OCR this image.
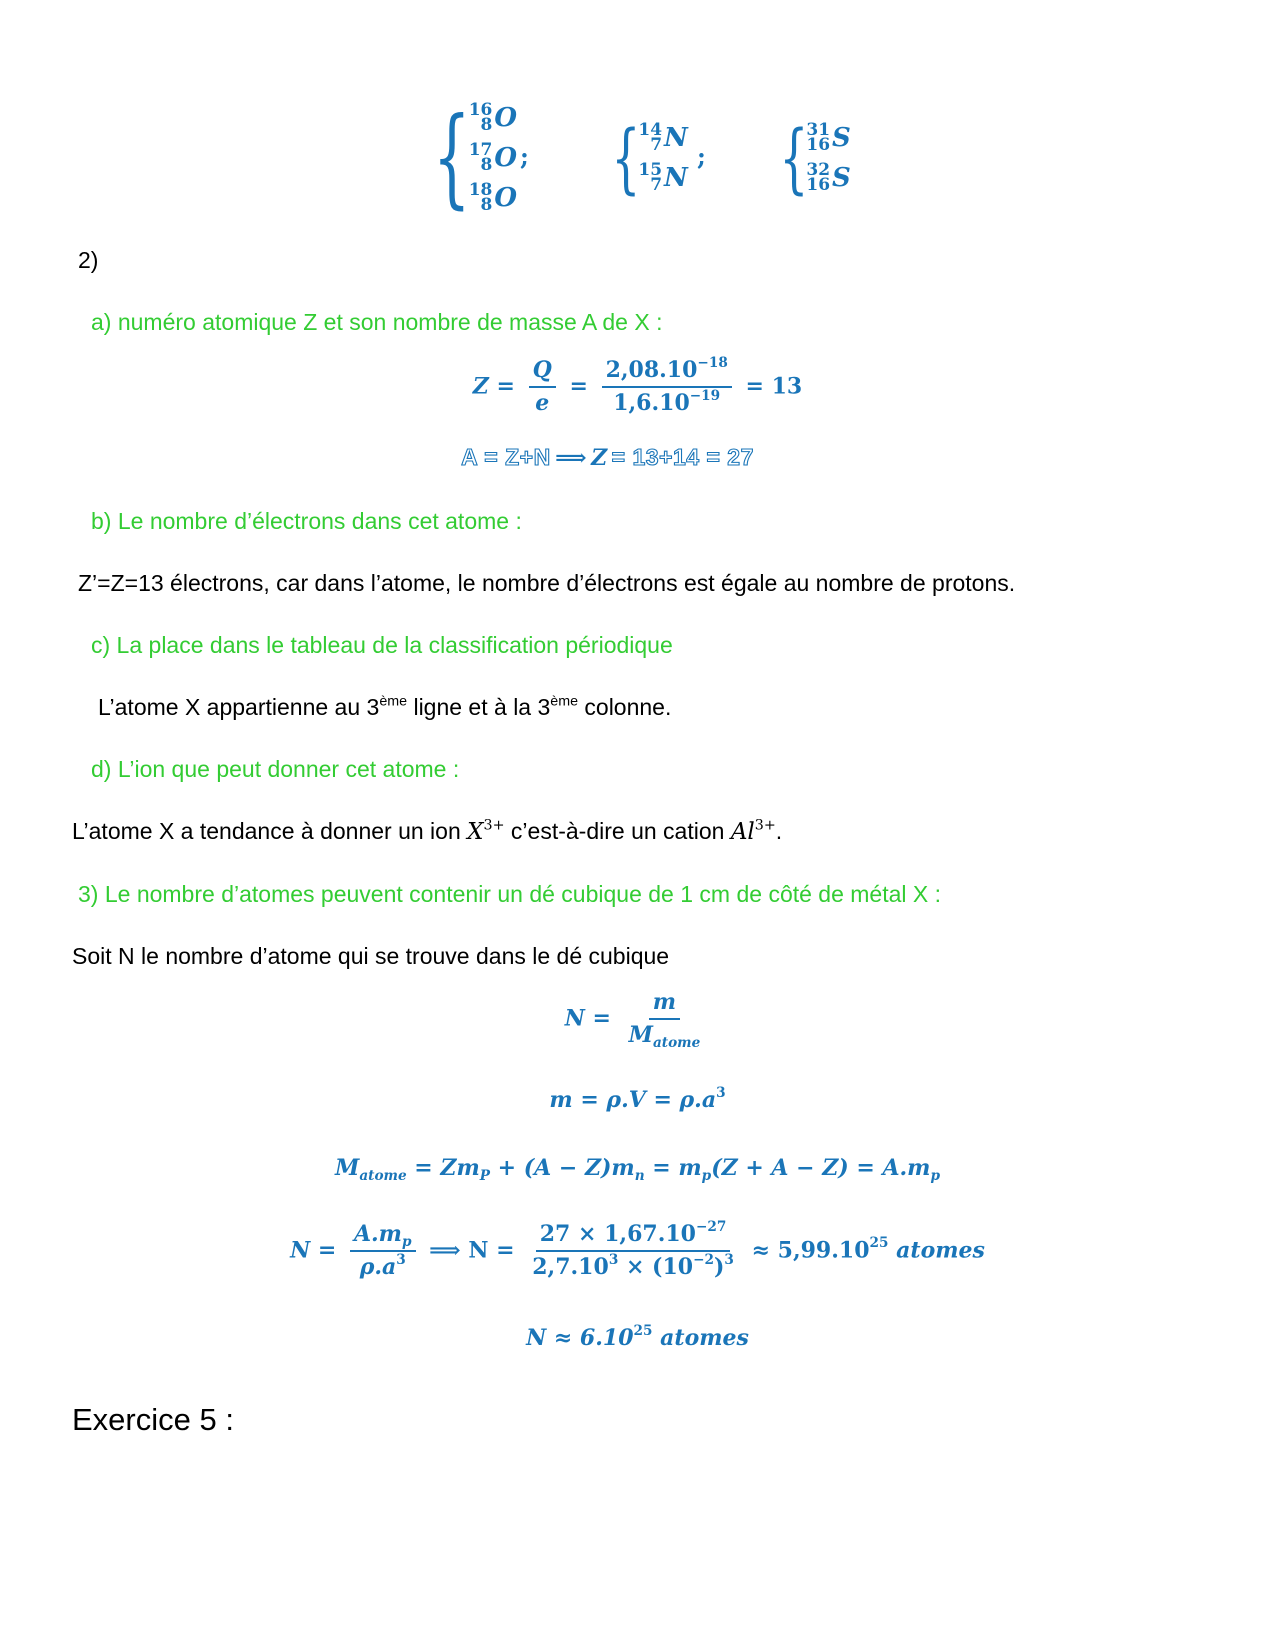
{
16
8 O
17
8 O
18
8 O
; {
14
7 N
15
7 N
; {
31
16 S
32
16 S
2)
a) numéro atomique Z et son nombre de masse A de X :
$Z = \frac{Q}{e} = \frac{2,08.10^{-18}}{1,6.10^{-19}} = 13$
A = Z+N ⟹ Z = 13+14 = 27
b) Le nombre d’électrons dans cet atome :
Z’=Z=13 électrons, car dans l’atome, le nombre d’électrons est égale au nombre de protons.
c) La place dans le tableau de la classification périodique
L’atome X appartienne au 3ème ligne et à la 3ème colonne.
d) L’ion que peut donner cet atome :
L’atome X a tendance à donner un ion $X^{3+}$ c’est-à-dire un cation $Al^{3+}$.
3) Le nombre d’atomes peuvent contenir un dé cubique de 1 cm de côté de métal X :
Soit N le nombre d’atome qui se trouve dans le dé cubique
$N = \frac{m}{M_{atome}}$
$m = \rho.V = \rho.a^3$
$M_{atome} = Zm_P + (A - Z)m_n = m_p(Z + A - Z) = A.m_p$
$N = \frac{A.m_p}{\rho.a^3}$ ⟹ $N = \frac{27 \times 1,67.10^{-27}}{2,7.10^3 \times (10^{-2})^3} \approx 5,99.10^{25}$ atomes
$N \approx 6.10^{25}$ atomes
Exercice 5 :
